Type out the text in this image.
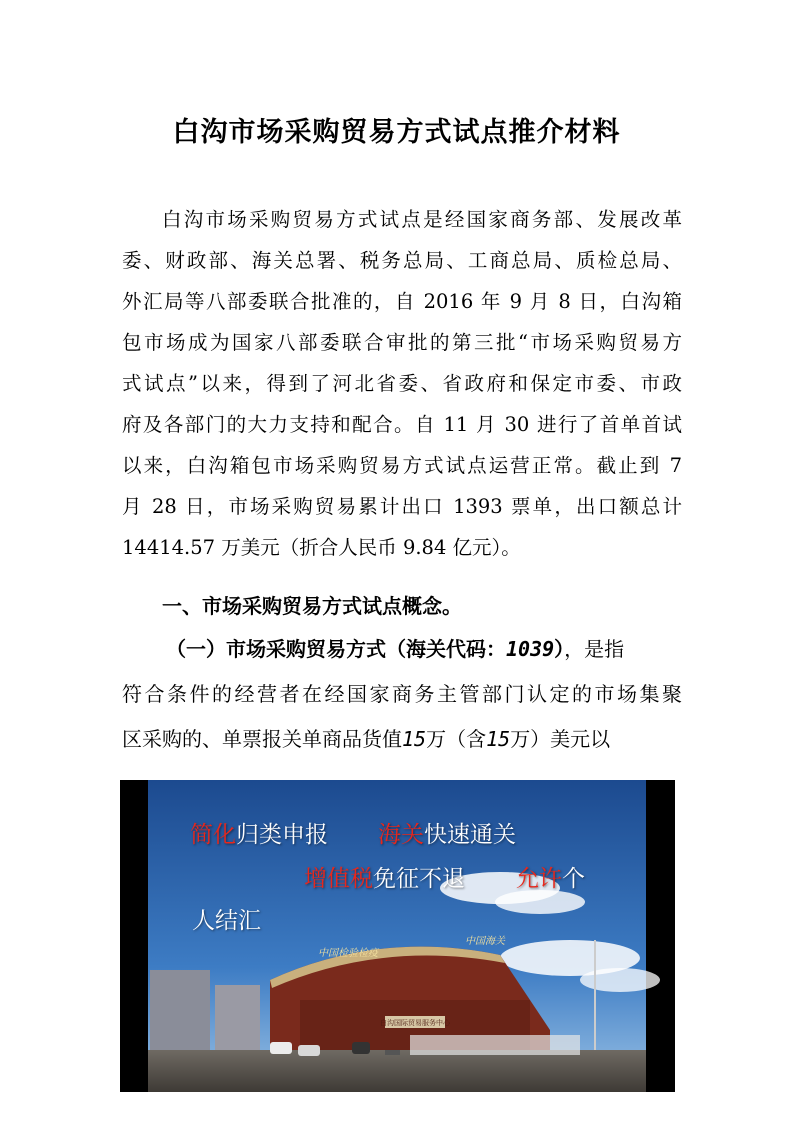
白沟市场采购贸易方式试点推介材料
白沟市场采购贸易方式试点是经国家商务部、发展改革
委、财政部、海关总署、税务总局、工商总局、质检总局、
外汇局等八部委联合批准的，自 2016 年 9 月 8 日，白沟箱
包市场成为国家八部委联合审批的第三批“市场采购贸易方
式试点”以来，得到了河北省委、省政府和保定市委、市政
府及各部门的大力支持和配合。自 11 月 30 进行了首单首试
以来，白沟箱包市场采购贸易方式试点运营正常。截止到 7
月 28 日，市场采购贸易累计出口 1393 票单，出口额总计
14414.57 万美元（折合人民币 9.84 亿元）。
一、市场采购贸易方式试点概念。
（一）市场采购贸易方式（海关代码：1039），是指
符合条件的经营者在经国家商务主管部门认定的市场集聚
区采购的、单票报关单商品货值15万（含15万）美元以
白沟国际贸易服务中心
中国检验检疫
中国海关
简化归类申报 海关快速通关
增值税免征不退 允许个
人结汇
